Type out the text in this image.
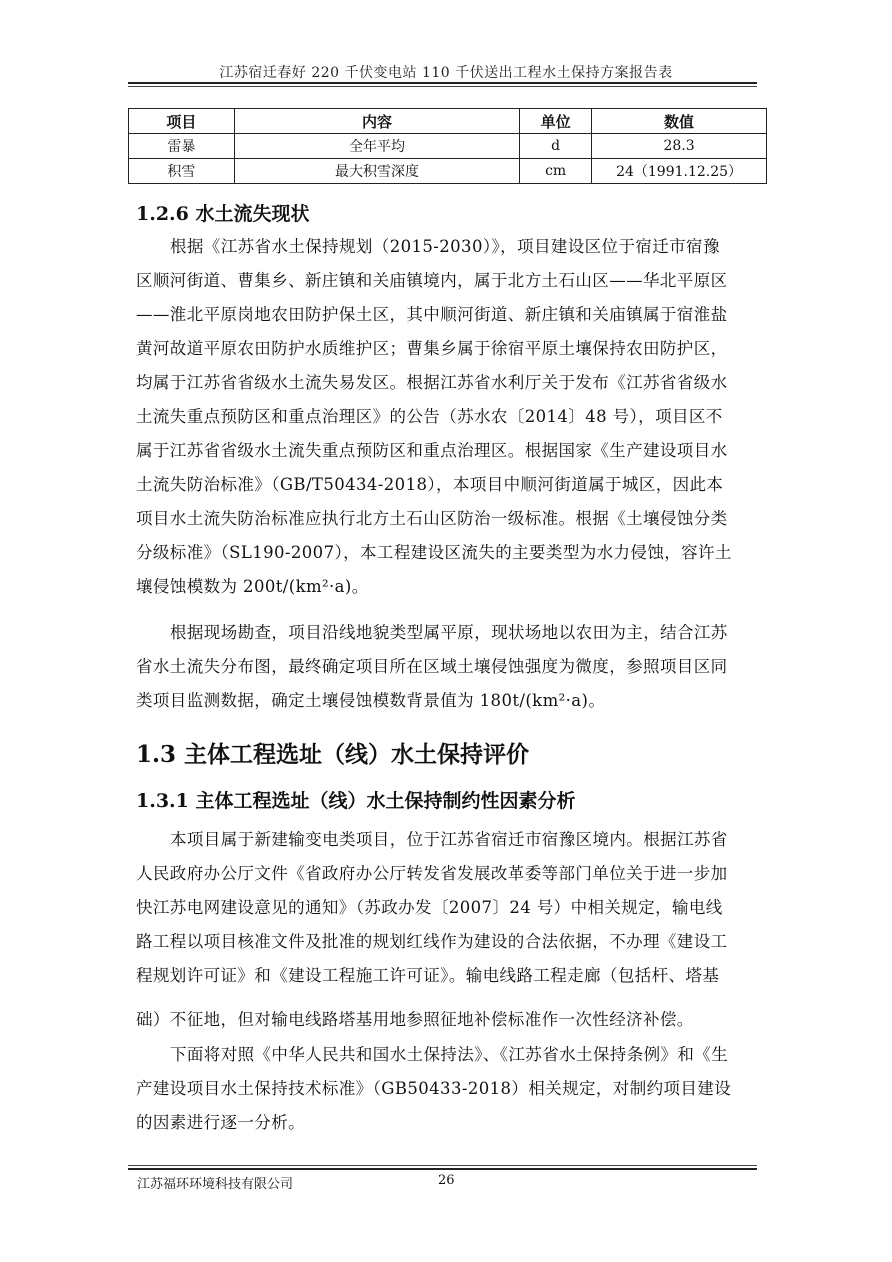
江苏宿迁春好 220 千伏变电站 110 千伏送出工程水土保持方案报告表
项目	内容	单位	数值
雷暴	全年平均	d	28.3
积雪	最大积雪深度	cm	24（1991.12.25）
1.2.6 水土流失现状
根据《江苏省水土保持规划（2015-2030）》，项目建设区位于宿迁市宿豫
区顺河街道、曹集乡、新庄镇和关庙镇境内，属于北方土石山区——华北平原区
——淮北平原岗地农田防护保土区，其中顺河街道、新庄镇和关庙镇属于宿淮盐
黄河故道平原农田防护水质维护区；曹集乡属于徐宿平原土壤保持农田防护区，
均属于江苏省省级水土流失易发区。根据江苏省水利厅关于发布《江苏省省级水
土流失重点预防区和重点治理区》的公告（苏水农〔2014〕48 号），项目区不
属于江苏省省级水土流失重点预防区和重点治理区。根据国家《生产建设项目水
土流失防治标准》（GB/T50434-2018），本项目中顺河街道属于城区，因此本
项目水土流失防治标准应执行北方土石山区防治一级标准。根据《土壤侵蚀分类
分级标准》（SL190-2007），本工程建设区流失的主要类型为水力侵蚀，容许土
壤侵蚀模数为 200t/(km²·a)。
根据现场勘查，项目沿线地貌类型属平原，现状场地以农田为主，结合江苏
省水土流失分布图，最终确定项目所在区域土壤侵蚀强度为微度，参照项目区同
类项目监测数据，确定土壤侵蚀模数背景值为 180t/(km²·a)。
1.3 主体工程选址（线）水土保持评价
1.3.1 主体工程选址（线）水土保持制约性因素分析
本项目属于新建输变电类项目，位于江苏省宿迁市宿豫区境内。根据江苏省
人民政府办公厅文件《省政府办公厅转发省发展改革委等部门单位关于进一步加
快江苏电网建设意见的通知》（苏政办发〔2007〕24 号）中相关规定，输电线
路工程以项目核准文件及批准的规划红线作为建设的合法依据，不办理《建设工
程规划许可证》和《建设工程施工许可证》。输电线路工程走廊（包括杆、塔基
础）不征地，但对输电线路塔基用地参照征地补偿标准作一次性经济补偿。
下面将对照《中华人民共和国水土保持法》、《江苏省水土保持条例》和《生
产建设项目水土保持技术标准》（GB50433-2018）相关规定，对制约项目建设
的因素进行逐一分析。
江苏福环环境科技有限公司	26
